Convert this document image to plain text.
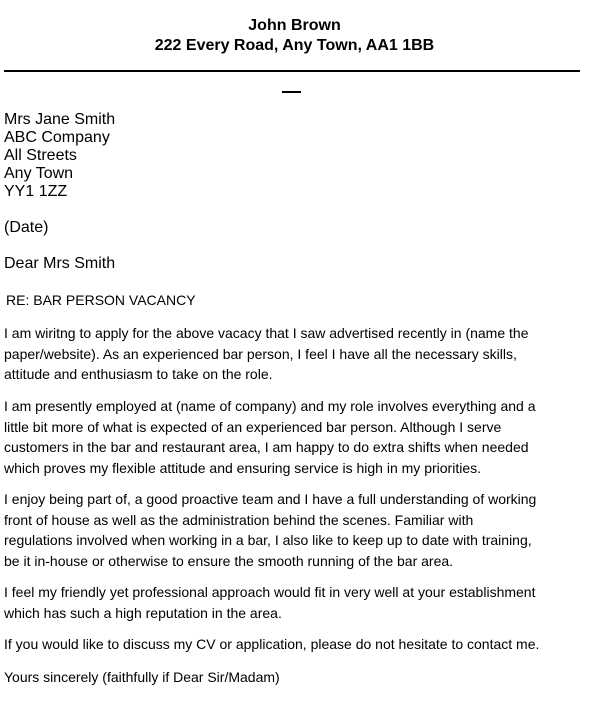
John Brown
222 Every Road, Any Town, AA1 1BB
Mrs Jane Smith
ABC Company
All Streets
Any Town
YY1 1ZZ
(Date)
Dear Mrs Smith
RE: BAR PERSON VACANCY
I am wiritng to apply for the above vacacy that I saw advertised recently in (name the
paper/website). As an experienced bar person, I feel I have all the necessary skills,
attitude and enthusiasm to take on the role.
I am presently employed at (name of company) and my role involves everything and a
little bit more of what is expected of an experienced bar person. Although I serve
customers in the bar and restaurant area, I am happy to do extra shifts when needed
which proves my flexible attitude and ensuring service is high in my priorities.
I enjoy being part of, a good proactive team and I have a full understanding of working
front of house as well as the administration behind the scenes. Familiar with
regulations involved when working in a bar, I also like to keep up to date with training,
be it in-house or otherwise to ensure the smooth running of the bar area.
I feel my friendly yet professional approach would fit in very well at your establishment
which has such a high reputation in the area.
If you would like to discuss my CV or application, please do not hesitate to contact me.
Yours sincerely (faithfully if Dear Sir/Madam)
